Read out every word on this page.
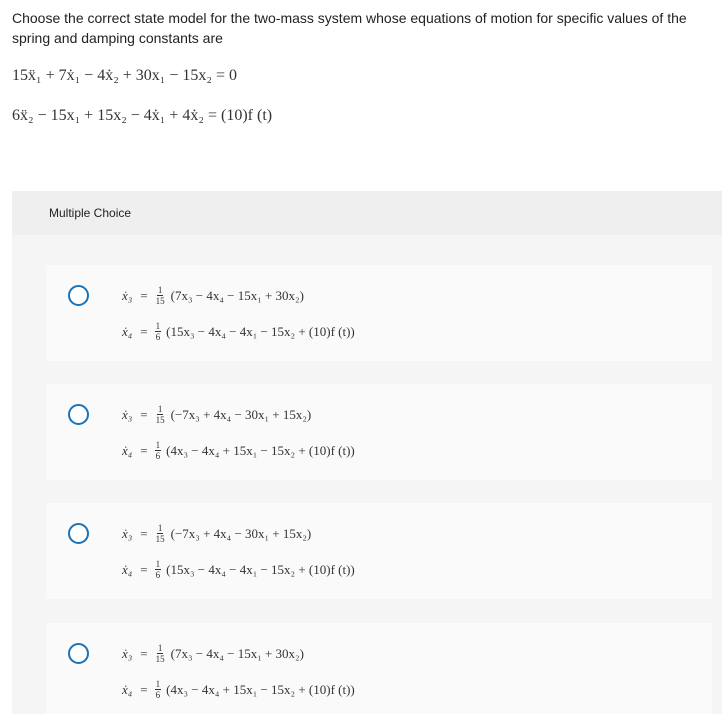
Choose the correct state model for the two-mass system whose equations of motion for specific values of the spring and damping constants are
15ẍ₁ + 7ẋ₁ − 4ẋ₂ + 30x₁ − 15x₂ = 0
6ẍ₂ − 15x₁ + 15x₂ − 4ẋ₁ + 4ẋ₂ = (10)f (t)
Multiple Choice
ẋ₃ = $\frac{1}{15} (7x_3 - 4x_4 - 15x_1 + 30x_2)$
ẋ₄ = $\frac{1}{6} (15x_3 - 4x_4 - 4x_1 - 15x_2 + (10)f$ (t))
ẋ₃ = $\frac{1}{15} (-7x_3 + 4x_4 - 30x_1 + 15x_2)$
ẋ₄ = $\frac{1}{6} (4x_3 - 4x_4 + 15x_1 - 15x_2 + (10)f$ (t))
ẋ₃ = $\frac{1}{15} (-7x_3 + 4x_4 - 30x_1 + 15x_2)$
ẋ₄ = $\frac{1}{6} (15x_3 - 4x_4 - 4x_1 - 15x_2 + (10)f$ (t))
ẋ₃ = $\frac{1}{15} (7x_3 - 4x_4 - 15x_1 + 30x_2)$
ẋ₄ = $\frac{1}{6} (4x_3 - 4x_4 + 15x_1 - 15x_2 + (10)f$ (t))
